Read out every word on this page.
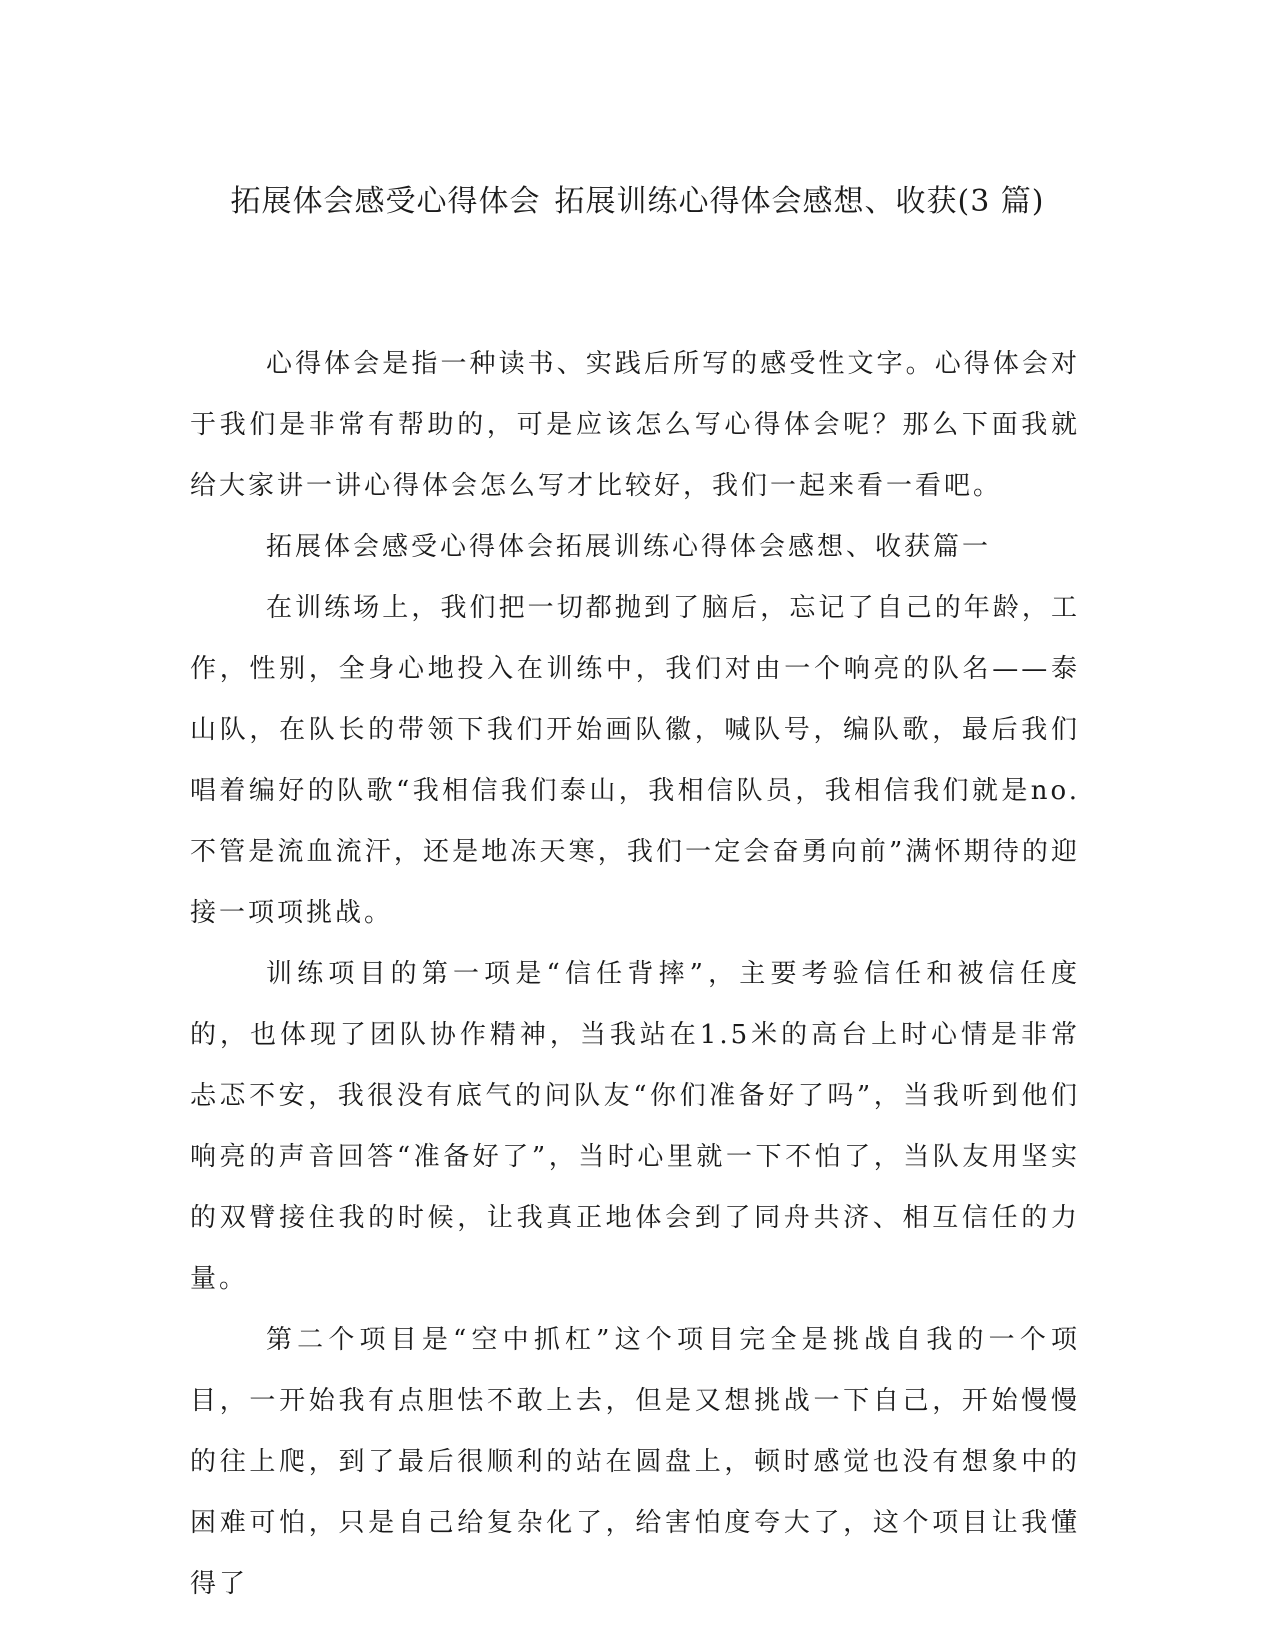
拓展体会感受心得体会 拓展训练心得体会感想、收获(3 篇)

心得体会是指一种读书、实践后所写的感受性文字。心得体会对于我们是非常有帮助的，可是应该怎么写心得体会呢？那么下面我就给大家讲一讲心得体会怎么写才比较好，我们一起来看一看吧。

拓展体会感受心得体会拓展训练心得体会感想、收获篇一

在训练场上，我们把一切都抛到了脑后，忘记了自己的年龄，工作，性别，全身心地投入在训练中，我们对由一个响亮的队名——泰山队，在队长的带领下我们开始画队徽，喊队号，编队歌，最后我们唱着编好的队歌“我相信我们泰山，我相信队员，我相信我们就是no.不管是流血流汗，还是地冻天寒，我们一定会奋勇向前”满怀期待的迎接一项项挑战。

训练项目的第一项是“信任背摔”，主要考验信任和被信任度的，也体现了团队协作精神，当我站在1.5米的高台上时心情是非常忐忑不安，我很没有底气的问队友“你们准备好了吗”，当我听到他们响亮的声音回答“准备好了”，当时心里就一下不怕了，当队友用坚实的双臂接住我的时候，让我真正地体会到了同舟共济、相互信任的力量。

第二个项目是“空中抓杠”这个项目完全是挑战自我的一个项目，一开始我有点胆怯不敢上去，但是又想挑战一下自己，开始慢慢的往上爬，到了最后很顺利的站在圆盘上，顿时感觉也没有想象中的困难可怕，只是自己给复杂化了，给害怕度夸大了，这个项目让我懂得了
